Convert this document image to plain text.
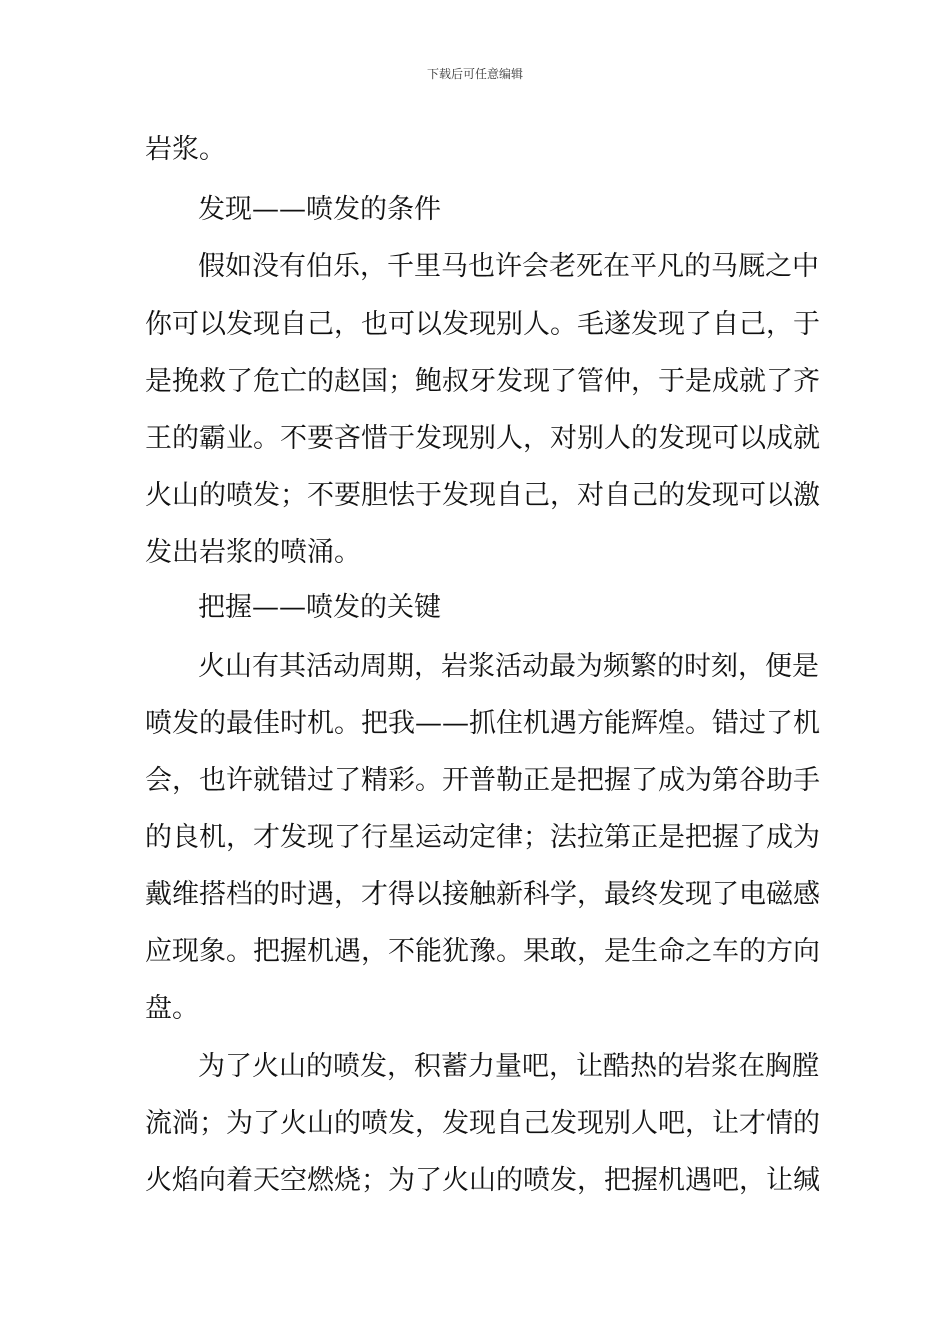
下载后可任意编辑
岩浆。
发现——喷发的条件
假如没有伯乐，千里马也许会老死在平凡的马厩之中
你可以发现自己，也可以发现别人。毛遂发现了自己，于
是挽救了危亡的赵国；鲍叔牙发现了管仲，于是成就了齐
王的霸业。不要吝惜于发现别人，对别人的发现可以成就
火山的喷发；不要胆怯于发现自己，对自己的发现可以激
发出岩浆的喷涌。
把握——喷发的关键
火山有其活动周期，岩浆活动最为频繁的时刻，便是
喷发的最佳时机。把我——抓住机遇方能辉煌。错过了机
会，也许就错过了精彩。开普勒正是把握了成为第谷助手
的良机，才发现了行星运动定律；法拉第正是把握了成为
戴维搭档的时遇，才得以接触新科学，最终发现了电磁感
应现象。把握机遇，不能犹豫。果敢，是生命之车的方向
盘。
为了火山的喷发，积蓄力量吧，让酷热的岩浆在胸膛
流淌；为了火山的喷发，发现自己发现别人吧，让才情的
火焰向着天空燃烧；为了火山的喷发，把握机遇吧，让缄
